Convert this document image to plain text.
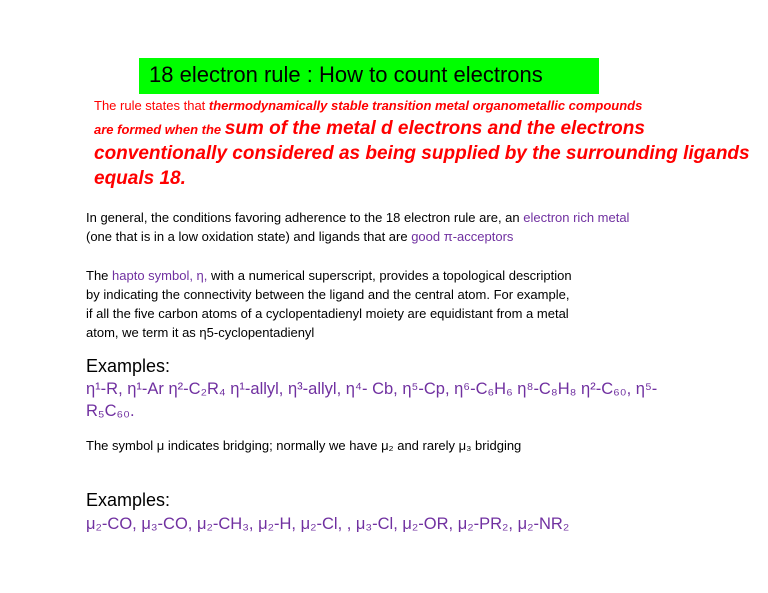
18 electron rule : How to count electrons
The rule states that thermodynamically stable transition metal organometallic compounds
are formed when the sum of the metal d electrons and the electrons
conventionally considered as being supplied by the surrounding ligands
equals 18.
In general, the conditions favoring adherence to the 18 electron rule are, an electron rich metal
(one that is in a low oxidation state) and ligands that are good π-acceptors
The hapto symbol, η, with a numerical superscript, provides a topological description
by indicating the connectivity between the ligand and the central atom. For example,
if all the five carbon atoms of a cyclopentadienyl moiety are equidistant from a metal
atom, we term it as η5-cyclopentadienyl
Examples:
η¹-R, η¹-Ar η²-C₂R₄ η¹-allyl, η³-allyl, η⁴- Cb, η⁵-Cp, η⁶-C₆H₆ η⁸-C₈H₈ η²-C₆₀, η⁵-
R₅C₆₀.
The symbol μ indicates bridging; normally we have μ₂ and rarely μ₃ bridging
Examples:
μ₂-CO, μ₃-CO, μ₂-CH₃, μ₂-H, μ₂-Cl, , μ₃-Cl, μ₂-OR, μ₂-PR₂, μ₂-NR₂
